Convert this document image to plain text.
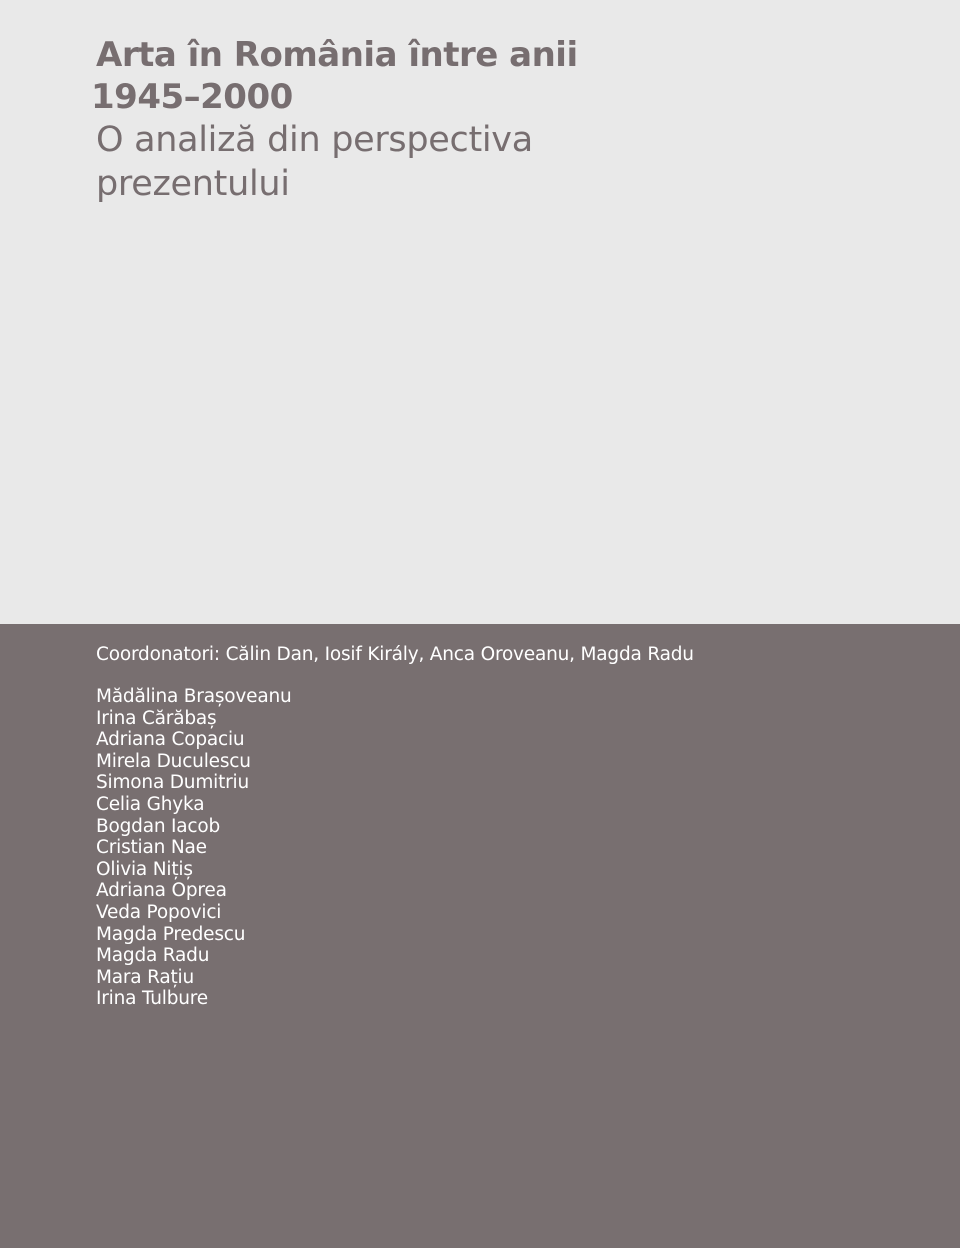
Arta în România între anii
1945–2000
O analiză din perspectiva
prezentului
Coordonatori: Călin Dan, Iosif Király, Anca Oroveanu, Magda Radu
Mădălina Brașoveanu
Irina Cărăbaș
Adriana Copaciu
Mirela Duculescu
Simona Dumitriu
Celia Ghyka
Bogdan Iacob
Cristian Nae
Olivia Nițiș
Adriana Oprea
Veda Popovici
Magda Predescu
Magda Radu
Mara Rațiu
Irina Tulbure
